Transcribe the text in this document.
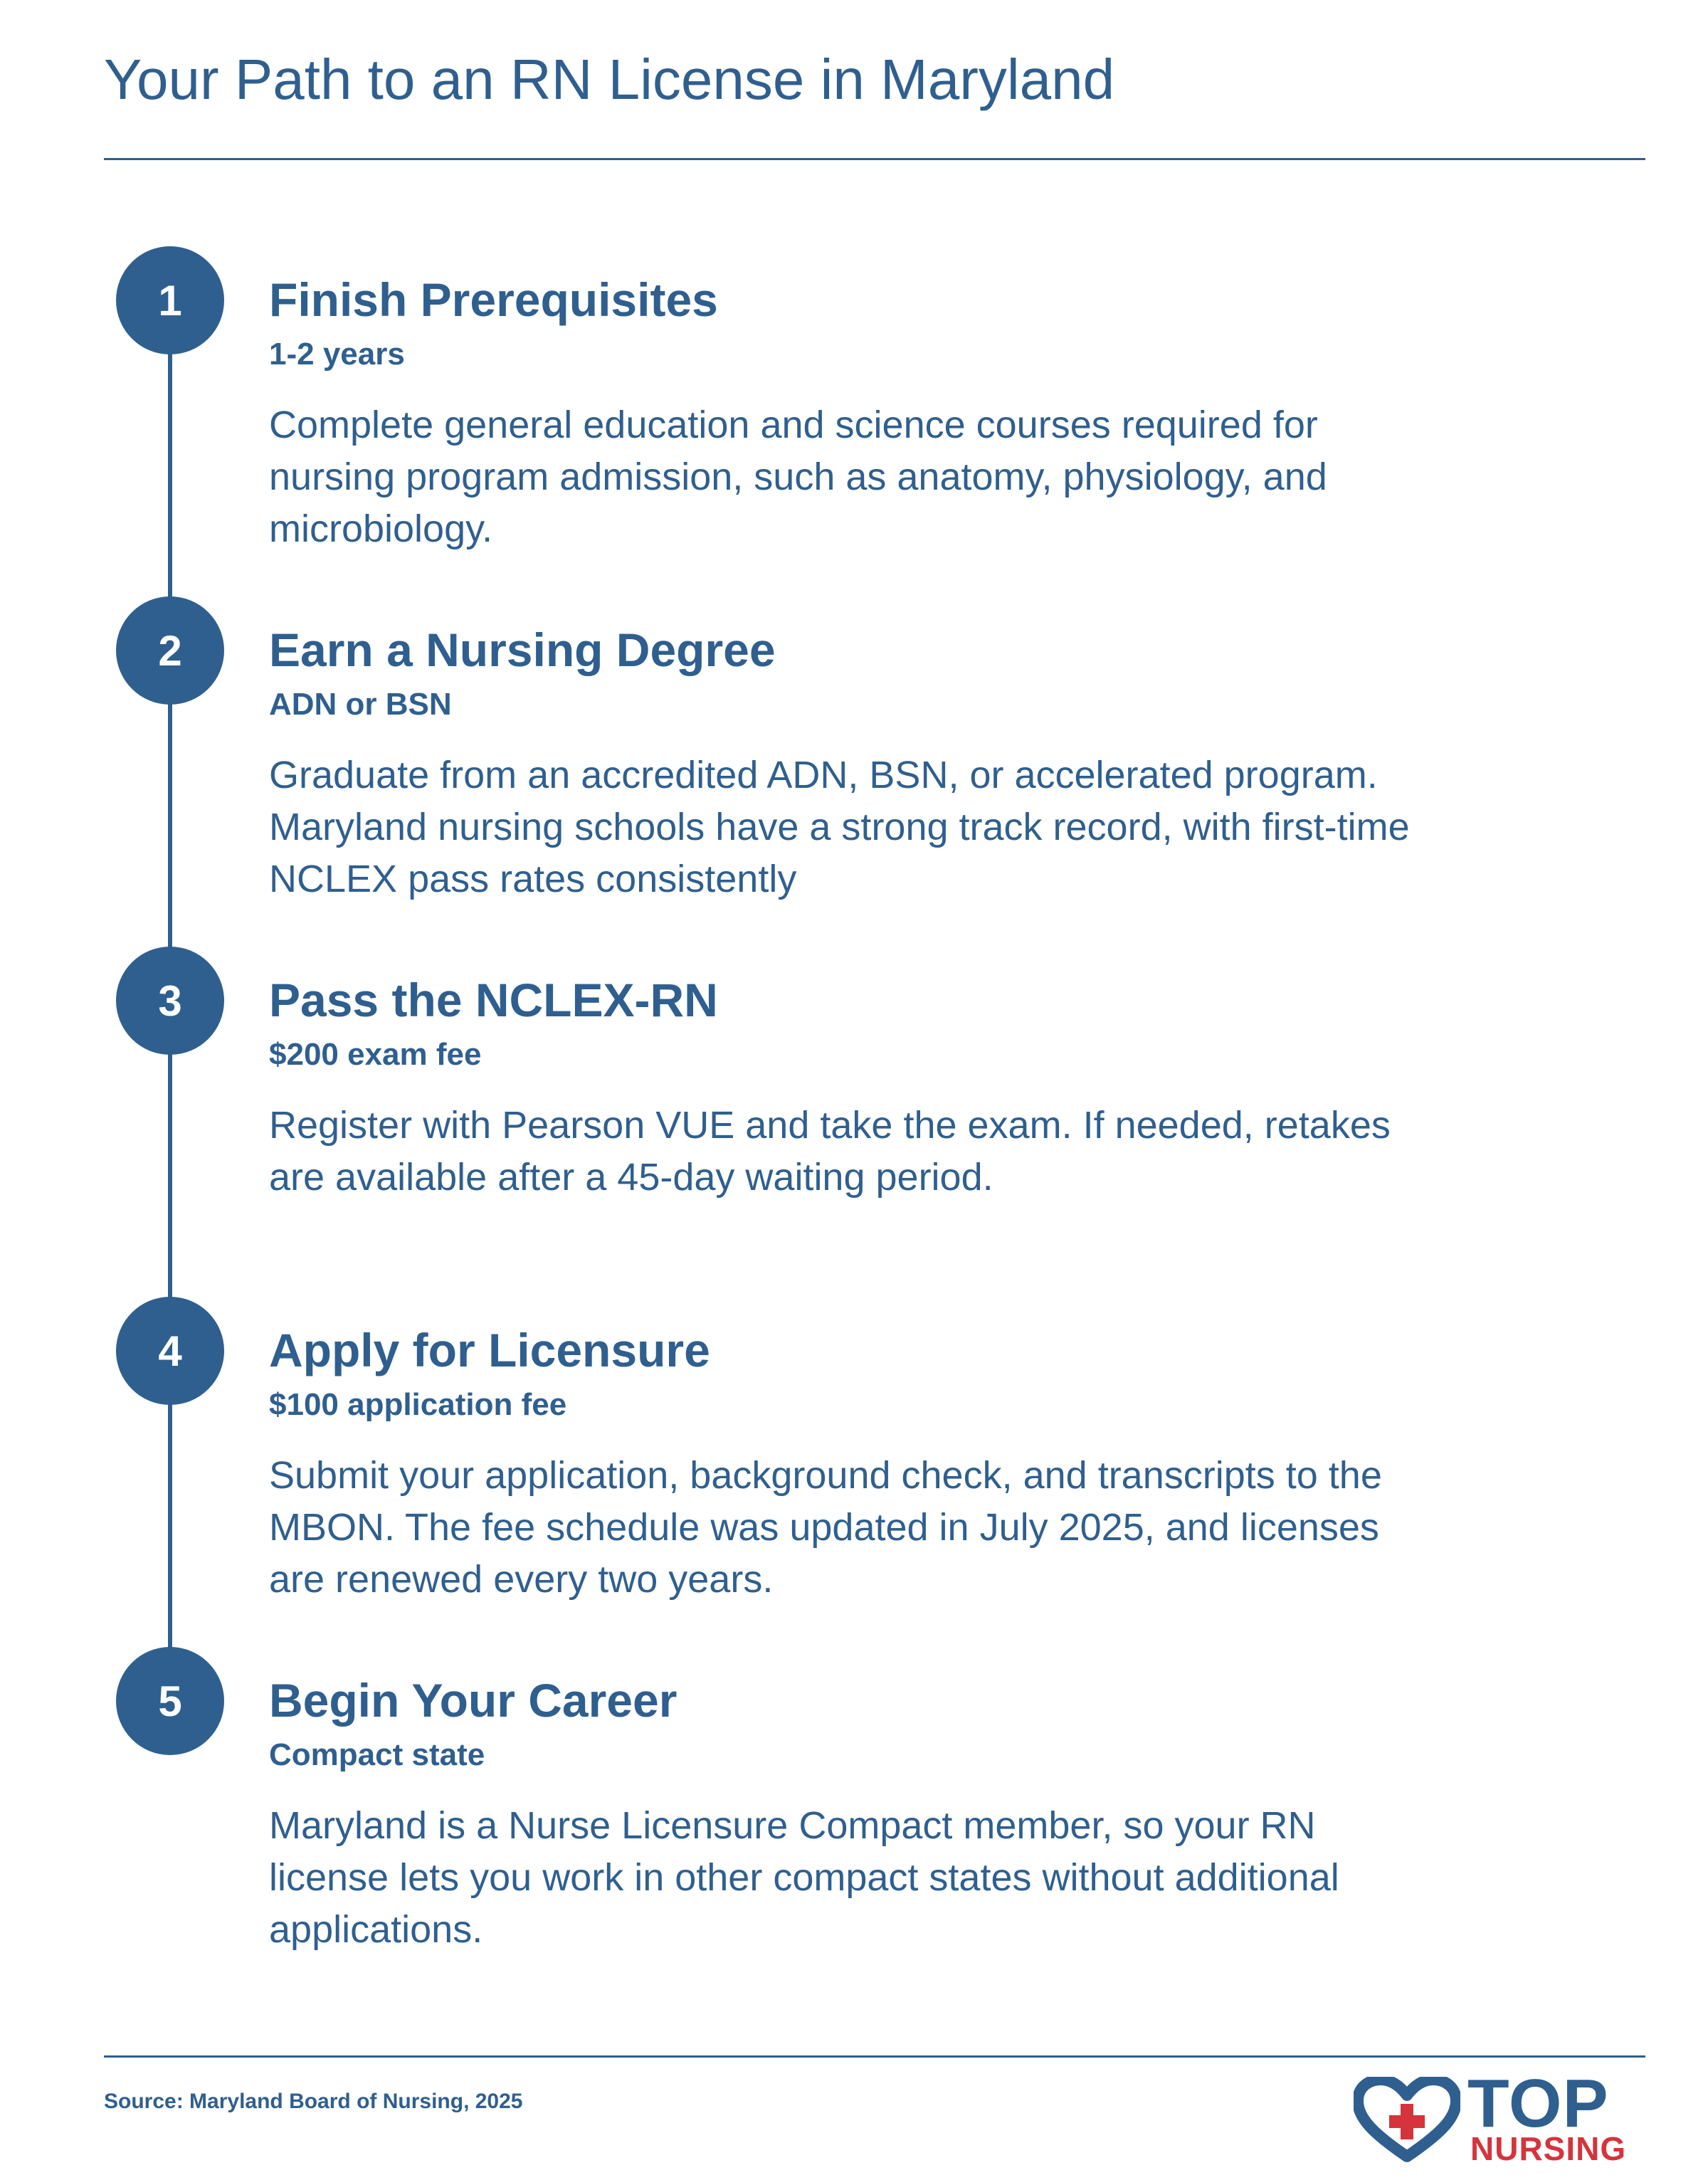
Your Path to an RN License in Maryland
1	Finish Prerequisites

1-2 years

Complete general education and science courses required for nursing program admission, such as anatomy, physiology, and microbiology.

2	Earn a Nursing Degree

ADN or BSN

Graduate from an accredited ADN, BSN, or accelerated program. Maryland nursing schools have a strong track record, with first-time NCLEX pass rates consistently

3	Pass the NCLEX-RN

$200 exam fee

Register with Pearson VUE and take the exam. If needed, retakes are available after a 45-day waiting period.

4	Apply for Licensure

$100 application fee

Submit your application, background check, and transcripts to the MBON. The fee schedule was updated in July 2025, and licenses are renewed every two years.

5	Begin Your Career

Compact state

Maryland is a Nurse Licensure Compact member, so your RN license lets you work in other compact states without additional applications.

Source: Maryland Board of Nursing, 2025	TOP
NURSING
